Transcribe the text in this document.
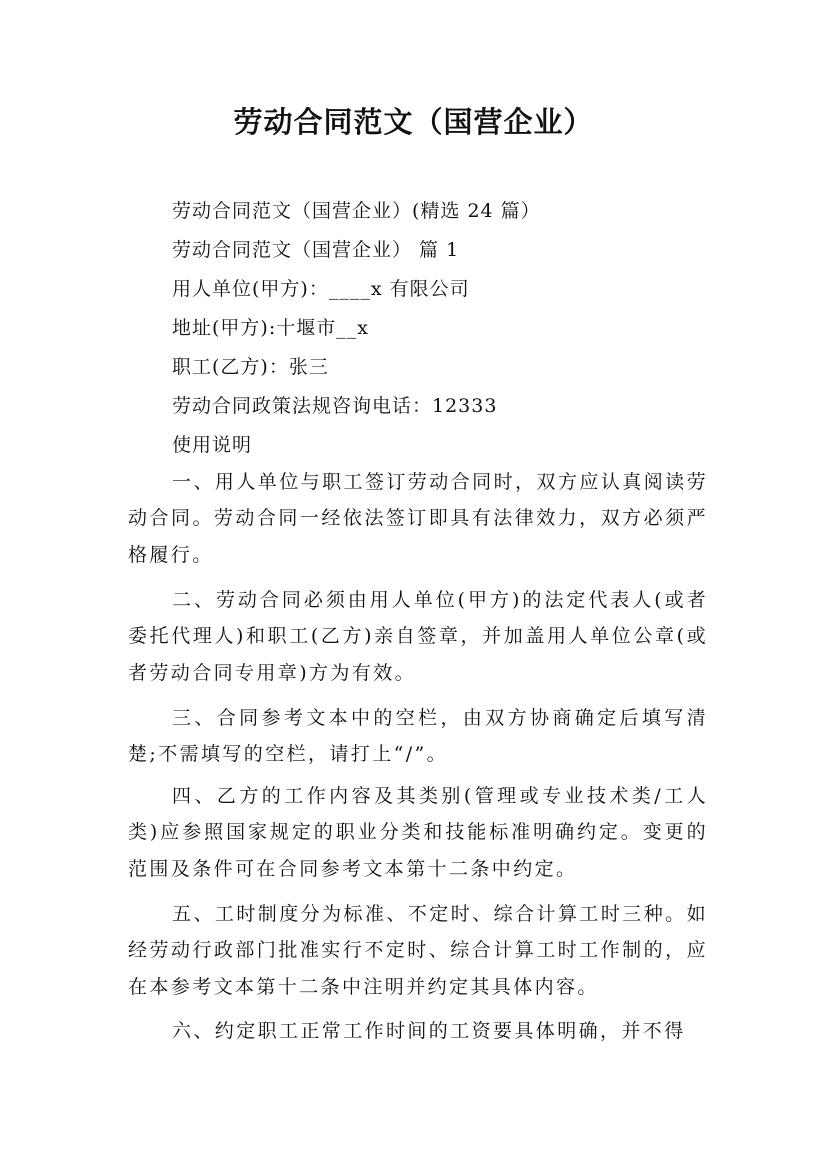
劳动合同范文（国营企业）
劳动合同范文（国营企业）(精选 24 篇）
劳动合同范文（国营企业） 篇 1
用人单位(甲方)：____x 有限公司
地址(甲方):十堰市__x
职工(乙方)：张三
劳动合同政策法规咨询电话：12333
使用说明
一、用人单位与职工签订劳动合同时，双方应认真阅读劳动合同。劳动合同一经依法签订即具有法律效力，双方必须严格履行。
二、劳动合同必须由用人单位(甲方)的法定代表人(或者委托代理人)和职工(乙方)亲自签章，并加盖用人单位公章(或者劳动合同专用章)方为有效。
三、合同参考文本中的空栏，由双方协商确定后填写清楚;不需填写的空栏，请打上“/”。
四、乙方的工作内容及其类别(管理或专业技术类/工人类)应参照国家规定的职业分类和技能标准明确约定。变更的范围及条件可在合同参考文本第十二条中约定。
五、工时制度分为标准、不定时、综合计算工时三种。如经劳动行政部门批准实行不定时、综合计算工时工作制的，应在本参考文本第十二条中注明并约定其具体内容。
六、约定职工正常工作时间的工资要具体明确，并不得
